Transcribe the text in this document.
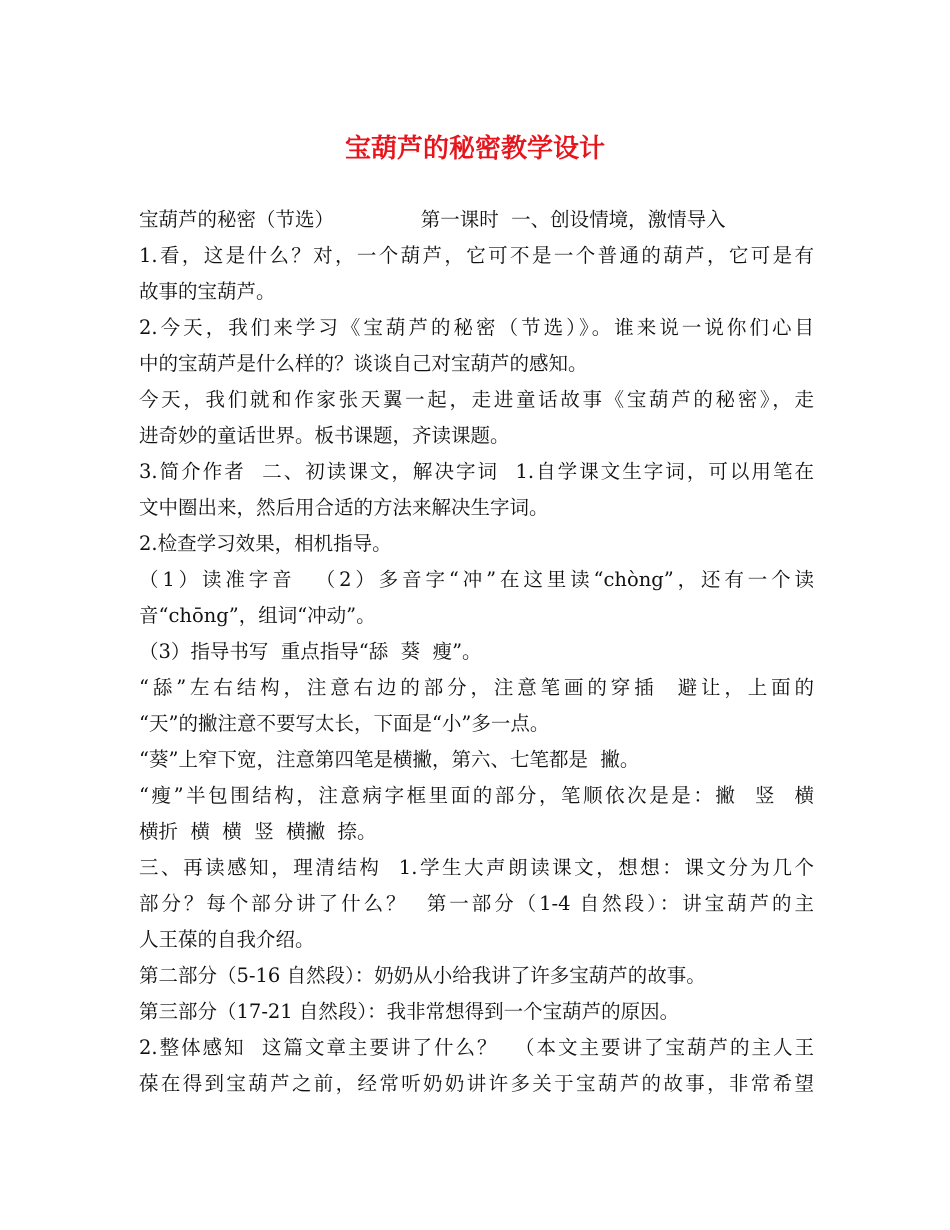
宝葫芦的秘密教学设计
宝葫芦的秘密（节选）              第一课时  一、创设情境，激情导入
1.看，这是什么？对，一个葫芦，它可不是一个普通的葫芦，它可是有
故事的宝葫芦。
2.今天，我们来学习《宝葫芦的秘密（节选）》。谁来说一说你们心目
中的宝葫芦是什么样的？谈谈自己对宝葫芦的感知。
今天，我们就和作家张天翼一起，走进童话故事《宝葫芦的秘密》，走
进奇妙的童话世界。板书课题，齐读课题。
3.简介作者  二、初读课文，解决字词  1.自学课文生字词，可以用笔在
文中圈出来，然后用合适的方法来解决生字词。
2.检查学习效果，相机指导。
（1）读准字音  （2）多音字“冲”在这里读“chòng”，还有一个读
音“chōng”，组词“冲动”。
（3）指导书写  重点指导“舔  葵  瘦”。
“舔”左右结构，注意右边的部分，注意笔画的穿插  避让，上面的
“天”的撇注意不要写太长，下面是“小”多一点。
“葵”上窄下宽，注意第四笔是横撇，第六、七笔都是  撇。
“瘦”半包围结构，注意病字框里面的部分，笔顺依次是是：撇  竖  横
横折  横  横  竖  横撇  捺。
三、再读感知，理清结构  1.学生大声朗读课文，想想：课文分为几个
部分？每个部分讲了什么？  第一部分（1-4 自然段）：讲宝葫芦的主
人王葆的自我介绍。
第二部分（5-16 自然段）：奶奶从小给我讲了许多宝葫芦的故事。
第三部分（17-21 自然段）：我非常想得到一个宝葫芦的原因。
2.整体感知  这篇文章主要讲了什么？  （本文主要讲了宝葫芦的主人王
葆在得到宝葫芦之前，经常听奶奶讲许多关于宝葫芦的故事，非常希望
